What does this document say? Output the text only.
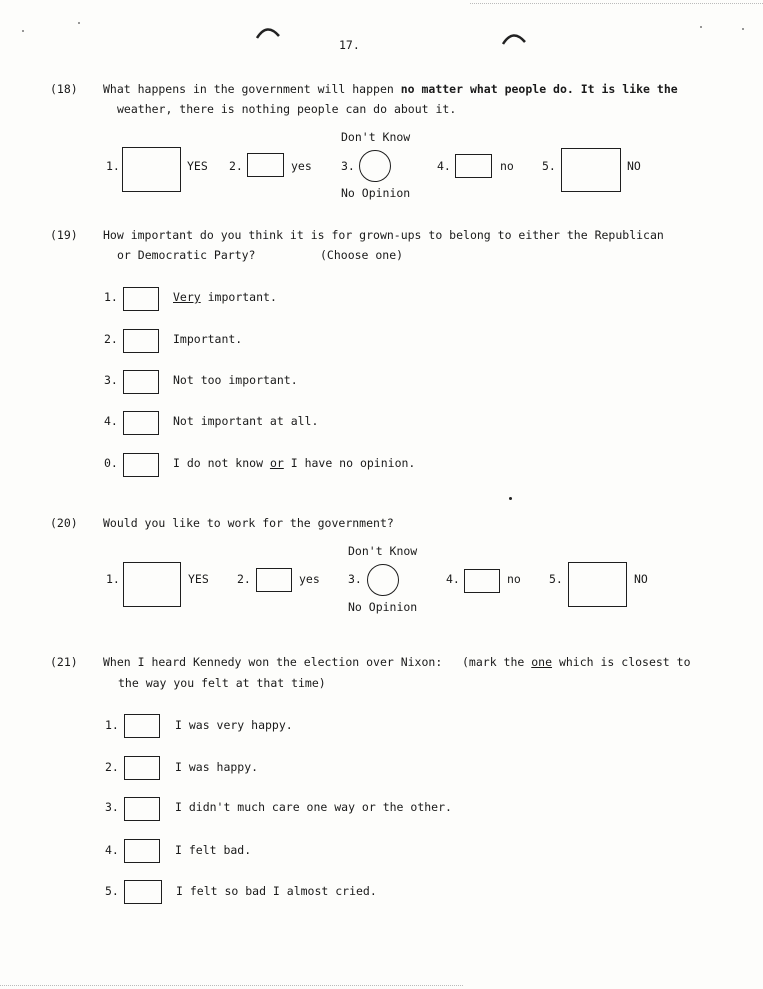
17.
(18) What happens in the government will happen no matter what people do. It is like the
weather, there is nothing people can do about it.
Don't Know
No Opinion
1.	YES 2.	yes	3.	4.	no 5.	NO
(19) How important do you think it is for grown-ups to belong to either the Republican
or Democratic Party?	(Choose one)
1.	Very important.
2.	Important.
3.	Not too important.
4.	Not important at all.
0.	I do not know or I have no opinion.
(20) Would you like to work for the government?
Don't Know
No Opinion
1.	YES 2.	yes 3.	4.	no 5.	NO
(21) When I heard Kennedy won the election over Nixon: (mark the one which is closest to
the way you felt at that time)
1.	I was very happy.
2.	I was happy.
3.	I didn't much care one way or the other.
4.	I felt bad.
5.	I felt so bad I almost cried.
